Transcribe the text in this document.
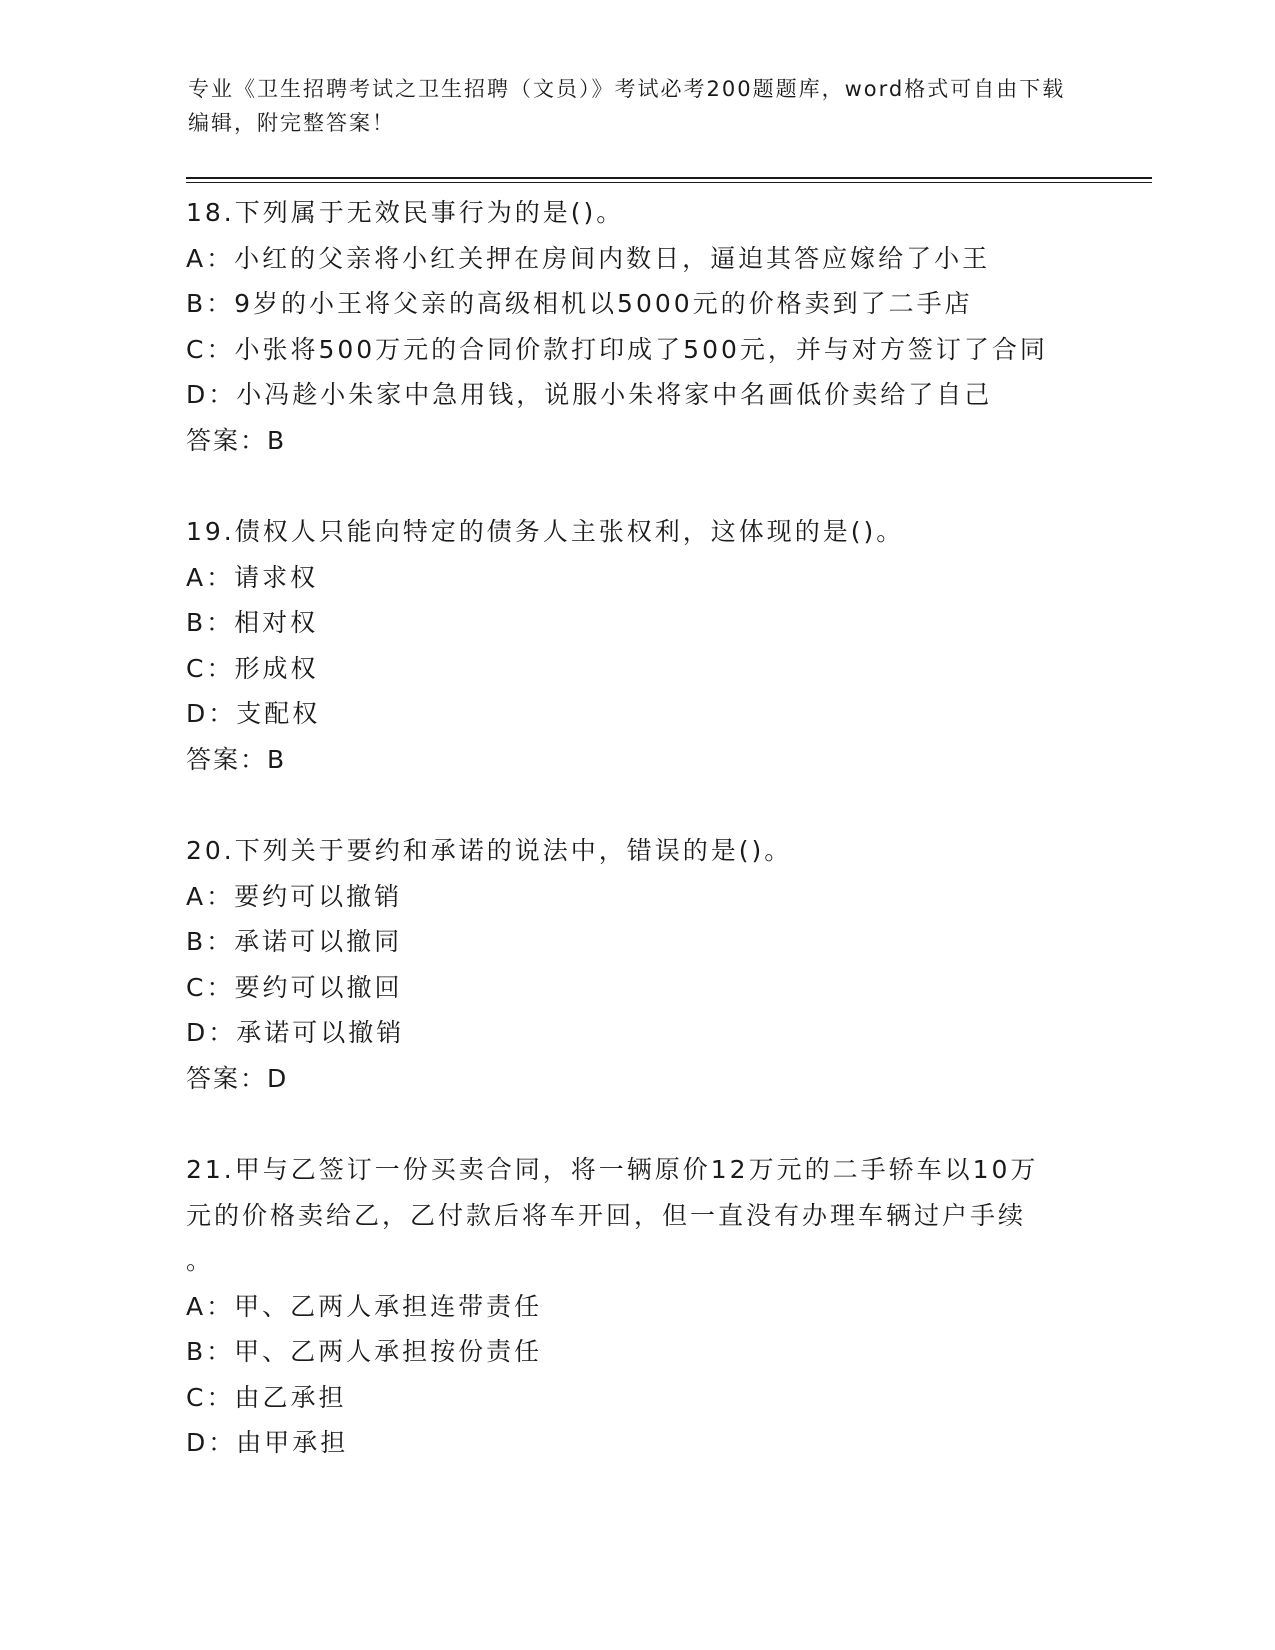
专业《卫生招聘考试之卫生招聘（文员）》考试必考200题题库，word格式可自由下载编辑，附完整答案！
18.下列属于无效民事行为的是()。
A：小红的父亲将小红关押在房间内数日，逼迫其答应嫁给了小王
B：9岁的小王将父亲的高级相机以5000元的价格卖到了二手店
C：小张将500万元的合同价款打印成了500元，并与对方签订了合同
D：小冯趁小朱家中急用钱，说服小朱将家中名画低价卖给了自己
答案：B
19.债权人只能向特定的债务人主张权利，这体现的是()。
A：请求权
B：相对权
C：形成权
D：支配权
答案：B
20.下列关于要约和承诺的说法中，错误的是()。
A：要约可以撤销
B：承诺可以撤同
C：要约可以撤回
D：承诺可以撤销
答案：D
21.甲与乙签订一份买卖合同，将一辆原价12万元的二手轿车以10万
元的价格卖给乙，乙付款后将车开回，但一直没有办理车辆过户手续
。
A：甲、乙两人承担连带责任
B：甲、乙两人承担按份责任
C：由乙承担
D：由甲承担
